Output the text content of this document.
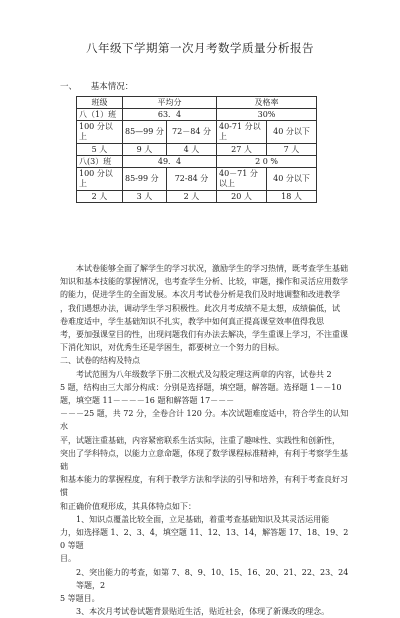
八年级下学期第一次月考数学质量分析报告
一、 基本情况：
班级	平均分		及格率	
八（1）班	63．4		30%	
100 分以上	85—99 分	72－84 分	40-71 分以上	40 分以下
5 人	9 人	4 人	27 人	7 人
八(3）班	49．4		2 0 %	
100 分以上	85-99 分	72-84 分	40－71 分以上	40 分以下
2 人	3 人	2 人	20 人	18 人

本试卷能够全面了解学生的学习状况，激励学生的学习热情，既考查学生基础

知识和基本技能的掌握情况，也考查学生分析、比较，审题，操作和灵活应用数学

的能力，促进学生的全面发展。本次月考试卷分析是我们及时地调整和改进教学

，我们遇想办法，调动学生学习积极性。此次月考成绩不是太想，成绩偏低，试

卷难度适中，学生基础知识不扎实，教学中如何真正提高课堂效率值得我思

考，要加强课堂目的性，出现问题我们有办法去解决，学生重课上学习，不注重课

下消化知识，对优秀生还是学困生，都要树立一个努力的目标。

二、试卷的结构及特点

考试范围为八年级数学下册二次根式及勾股定理这两章的内容，试卷共 2

5 题，结构由三大部分构成：分别是选择题，填空题，解答题。选择题 1－－10

题，填空题 11－－－－16 题和解答题 17－－－

－－－25 题，共 72 分，全卷合计 120 分。本次试题难度适中，符合学生的认知水

平，试题注重基础，内容紧密联系生活实际，注重了趣味性、实践性和创新性，

突出了学科特点，以能力立意命题，体现了数学课程标准精神，有利于考察学生基础

和基本能力的掌握程度，有利于教学方法和学法的引导和培养，有利于考查良好习惯

和正确价值观形成，其具体特点如下：

1、知识点覆盖比较全面，立足基础，着重考查基础知识及其灵活运用能

力，如选择题 1、2、3、4，填空题 11、12、13、14，解答题 17、18、19、20 等题

目。

2、突出能力的考查，如第 7、8、9、10、15、16、20、21、22、23、24 等题，2

5 等题目。

3、本次月考试卷试题背景贴近生活，贴近社会，体现了新课改的理念。
